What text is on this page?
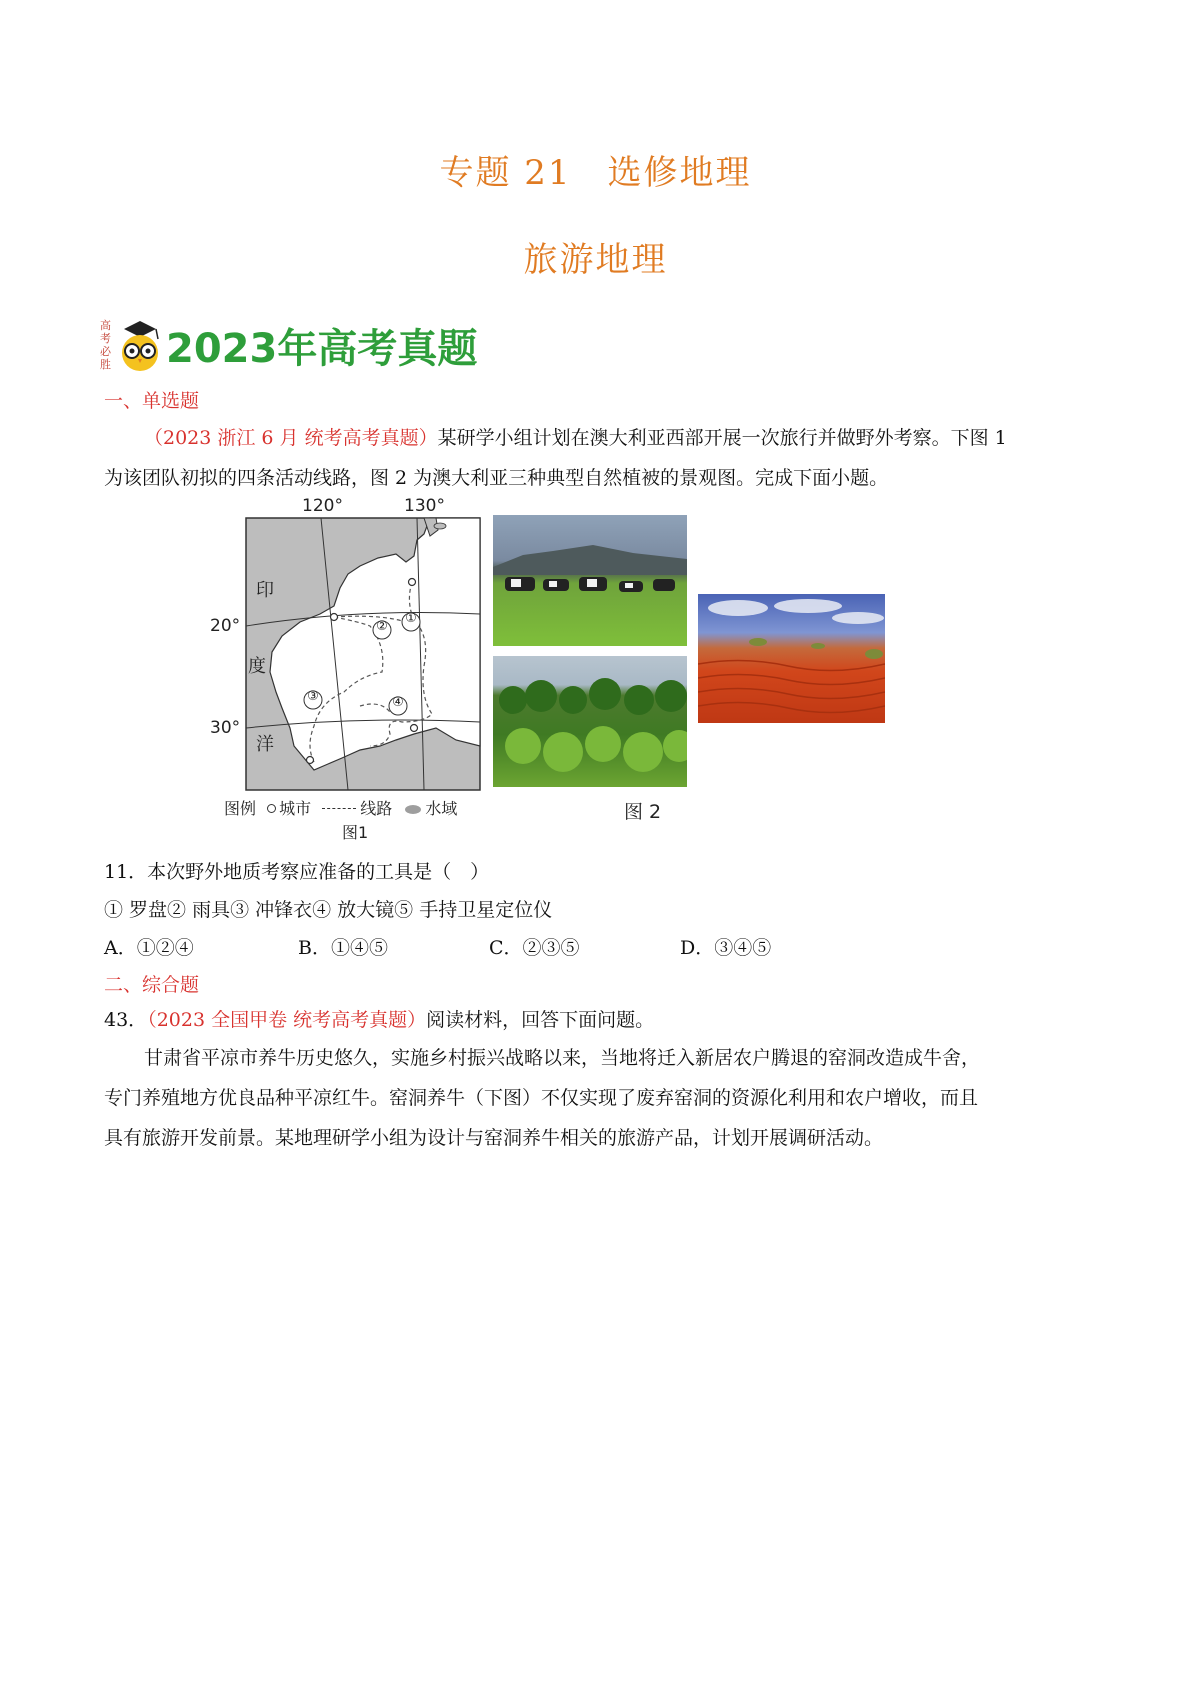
专题 21　选修地理
旅游地理
高
考
必
胜 2023年高考真题
一、单选题
（2023 浙江 6 月 统考高考真题）某研学小组计划在澳大利亚西部开展一次旅行并做野外考察。下图 1
为该团队初拟的四条活动线路，图 2 为澳大利亚三种典型自然植被的景观图。完成下面小题。
①
②
③	④
120°	130°
20°
30°
印
度
洋
图例 城市	线路 水域
图1
图 2
11．本次野外地质考察应准备的工具是（　）
① 罗盘② 雨具③ 冲锋衣④ 放大镜⑤ 手持卫星定位仪
A．①②④	B．①④⑤	C．②③⑤	D．③④⑤
二、综合题
43．（2023 全国甲卷 统考高考真题）阅读材料，回答下面问题。
甘肃省平凉市养牛历史悠久，实施乡村振兴战略以来，当地将迁入新居农户腾退的窑洞改造成牛舍，
专门养殖地方优良品种平凉红牛。窑洞养牛（下图）不仅实现了废弃窑洞的资源化利用和农户增收，而且
具有旅游开发前景。某地理研学小组为设计与窑洞养牛相关的旅游产品，计划开展调研活动。
